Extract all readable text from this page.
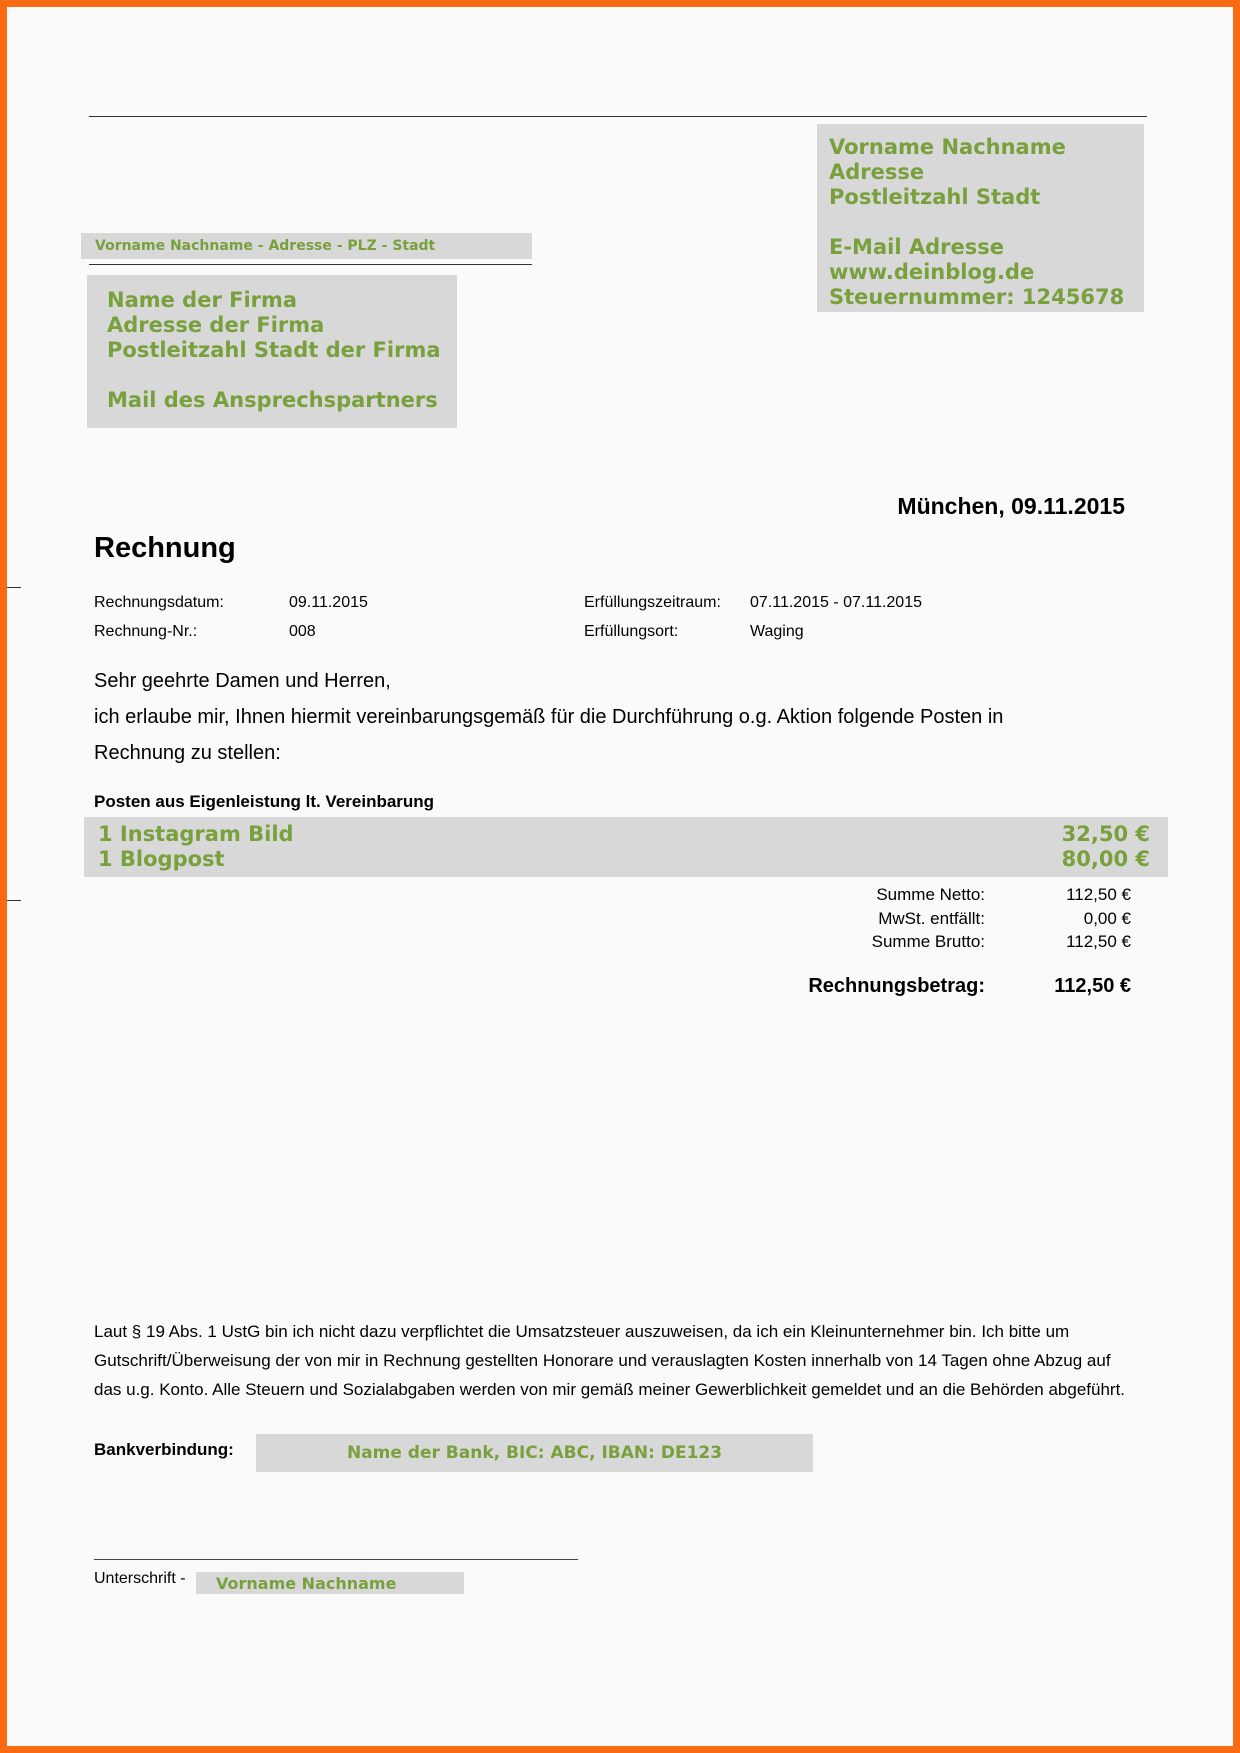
Vorname Nachname
Adresse
Postleitzahl Stadt

E-Mail Adresse
www.deinblog.de
Steuernummer: 1245678
Vorname Nachname - Adresse - PLZ - Stadt
Name der Firma
Adresse der Firma
Postleitzahl Stadt der Firma

Mail des Ansprechspartners
München, 09.11.2015
Rechnung
Rechnungsdatum:	09.11.2015	Erfüllungszeitraum: 07.11.2015 - 07.11.2015
Rechnung-Nr.:	008	Erfüllungsort:	Waging
Sehr geehrte Damen und Herren,
ich erlaube mir, Ihnen hiermit vereinbarungsgemäß für die Durchführung o.g. Aktion folgende Posten in
Rechnung zu stellen:
Posten aus Eigenleistung lt. Vereinbarung
1 Instagram Bild	32,50 €
1 Blogpost	80,00 €
Summe Netto:	112,50 €
MwSt. entfällt:	0,00 €
Summe Brutto:	112,50 €
Rechnungsbetrag:	112,50 €
Laut § 19 Abs. 1 UstG bin ich nicht dazu verpflichtet die Umsatzsteuer auszuweisen, da ich ein Kleinunternehmer bin. Ich bitte um Gutschrift/Überweisung der von mir in Rechnung gestellten Honorare und verauslagten Kosten innerhalb von 14 Tagen ohne Abzug auf das u.g. Konto. Alle Steuern und Sozialabgaben werden von mir gemäß meiner Gewerblichkeit gemeldet und an die Behörden abgeführt.
Bankverbindung:	Name der Bank, BIC: ABC, IBAN: DE123
Unterschrift - Vorname Nachname
